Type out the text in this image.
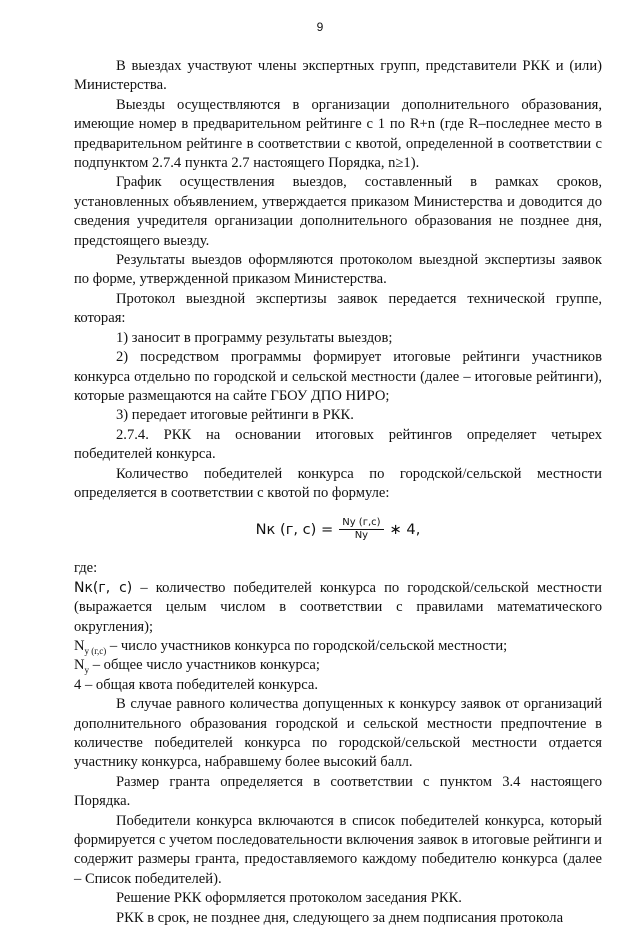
9

В выездах участвуют члены экспертных групп, представители РКК и (или) Министерства.

Выезды осуществляются в организации дополнительного образования, имеющие номер в предварительном рейтинге с 1 по R+n (где R–последнее место в предварительном рейтинге в соответствии с квотой, определенной в соответствии с подпунктом 2.7.4 пункта 2.7 настоящего Порядка, n≥1).

График осуществления выездов, составленный в рамках сроков, установленных объявлением, утверждается приказом Министерства и доводится до сведения учредителя организации дополнительного образования не позднее дня, предстоящего выезду.

Результаты выездов оформляются протоколом выездной экспертизы заявок по форме, утвержденной приказом Министерства.

Протокол выездной экспертизы заявок передается технической группе, которая:

1) заносит в программу результаты выездов;

2) посредством программы формирует итоговые рейтинги участников конкурса отдельно по городской и сельской местности (далее – итоговые рейтинги), которые размещаются на сайте ГБОУ ДПО НИРО;

3) передает итоговые рейтинги в РКК.

2.7.4. РКК на основании итоговых рейтингов определяет четырех победителей конкурса.

Количество победителей конкурса по городской/сельской местности определяется в соответствии с квотой по формуле:

Nк (г, $с) = \frac{Nу (г,с)}{Nу}$ ∗ 4,

где:

Nк(г, с) – количество победителей конкурса по городской/сельской местности (выражается целым числом в соответствии с правилами математического округления);

$N_{у (г,с)}$ – число участников конкурса по городской/сельской местности;

$N_у$ – общее число участников конкурса;

4 – общая квота победителей конкурса.

В случае равного количества допущенных к конкурсу заявок от организаций дополнительного образования городской и сельской местности предпочтение в количестве победителей конкурса по городской/сельской местности отдается участнику конкурса, набравшему более высокий балл.

Размер гранта определяется в соответствии с пунктом 3.4 настоящего Порядка.

Победители конкурса включаются в список победителей конкурса, который формируется с учетом последовательности включения заявок в итоговые рейтинги и содержит размеры гранта, предоставляемого каждому победителю конкурса (далее – Список победителей).

Решение РКК оформляется протоколом заседания РКК.

РКК в срок, не позднее дня, следующего за днем подписания протокола
